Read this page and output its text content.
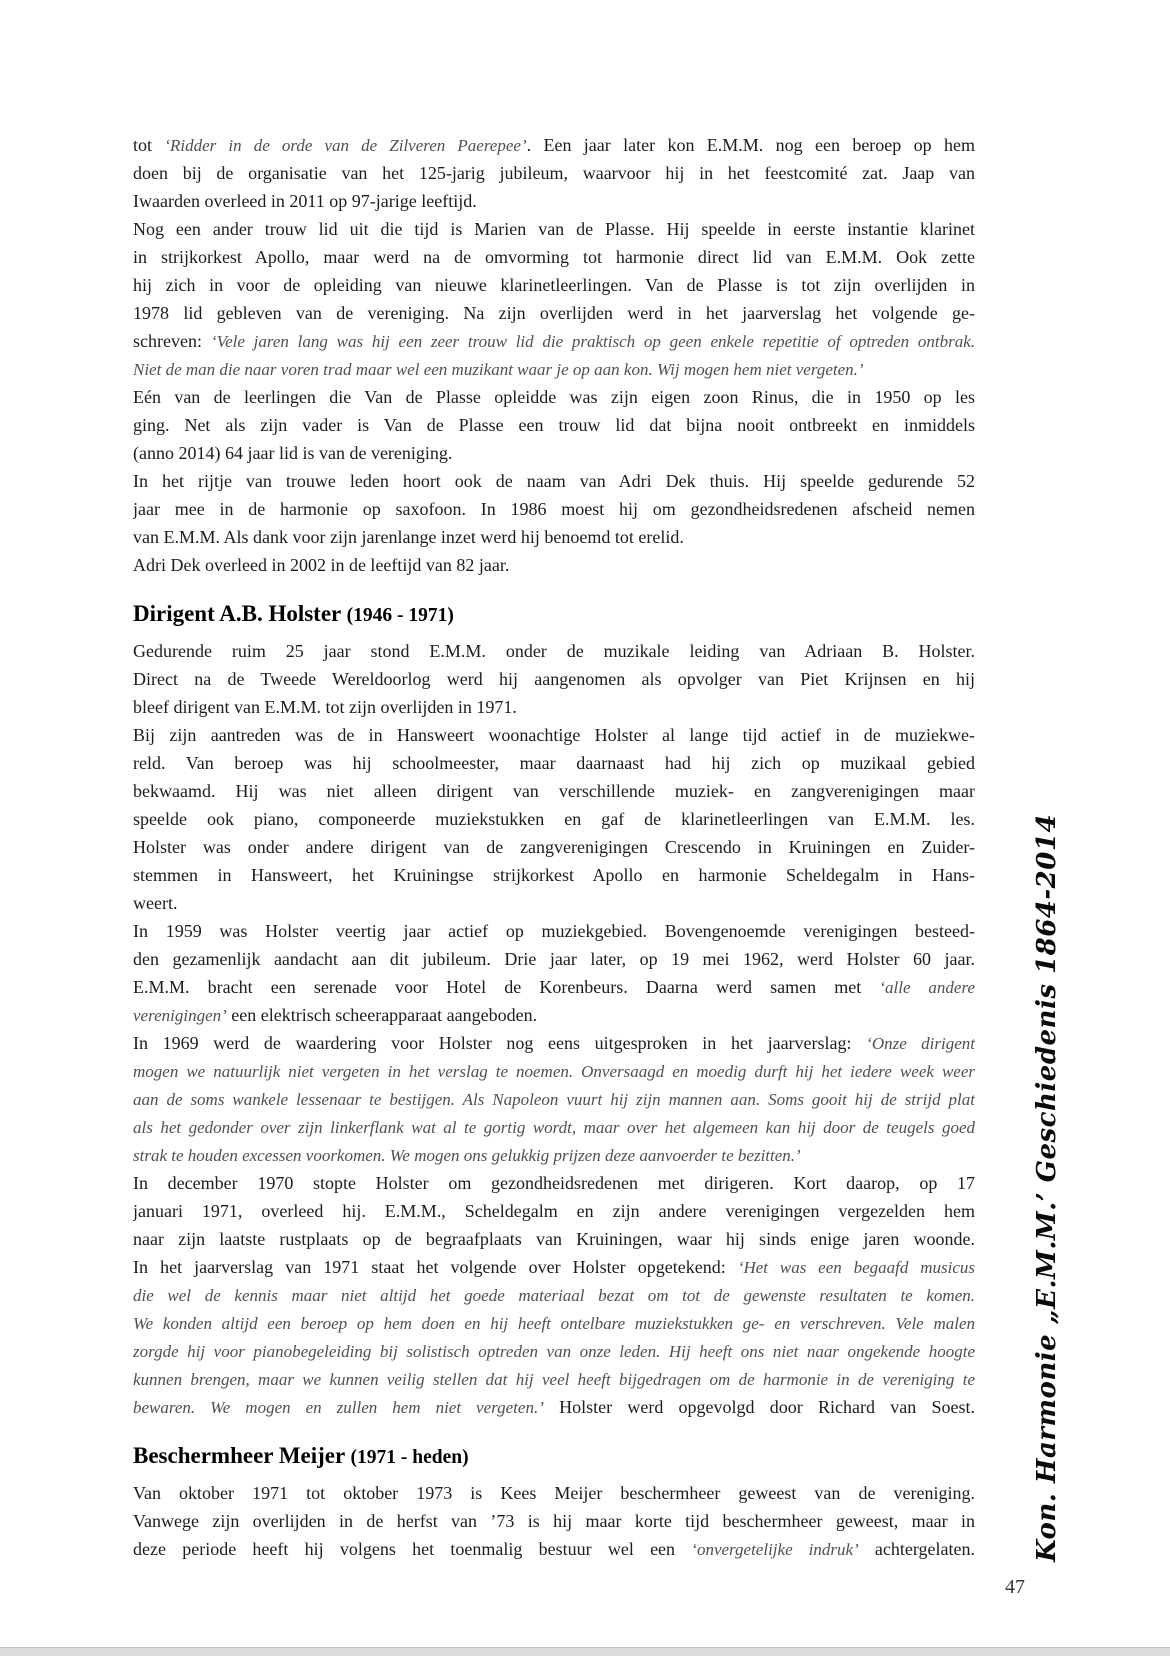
tot ‘Ridder in de orde van de Zilveren Paerepee’. Een jaar later kon E.M.M. nog een beroep op hem
doen bij de organisatie van het 125-jarig jubileum, waarvoor hij in het feestcomité zat. Jaap van
Iwaarden overleed in 2011 op 97-jarige leeftijd.
Nog een ander trouw lid uit die tijd is Marien van de Plasse. Hij speelde in eerste instantie klarinet
in strijkorkest Apollo, maar werd na de omvorming tot harmonie direct lid van E.M.M. Ook zette
hij zich in voor de opleiding van nieuwe klarinetleerlingen. Van de Plasse is tot zijn overlijden in
1978 lid gebleven van de vereniging. Na zijn overlijden werd in het jaarverslag het volgende ge-
schreven: ‘Vele jaren lang was hij een zeer trouw lid die praktisch op geen enkele repetitie of optreden ontbrak.
Niet de man die naar voren trad maar wel een muzikant waar je op aan kon. Wij mogen hem niet vergeten.’
Eén van de leerlingen die Van de Plasse opleidde was zijn eigen zoon Rinus, die in 1950 op les
ging. Net als zijn vader is Van de Plasse een trouw lid dat bijna nooit ontbreekt en inmiddels
(anno 2014) 64 jaar lid is van de vereniging.
In het rijtje van trouwe leden hoort ook de naam van Adri Dek thuis. Hij speelde gedurende 52
jaar mee in de harmonie op saxofoon. In 1986 moest hij om gezondheidsredenen afscheid nemen
van E.M.M. Als dank voor zijn jarenlange inzet werd hij benoemd tot erelid.
Adri Dek overleed in 2002 in de leeftijd van 82 jaar.
Dirigent A.B. Holster (1946 - 1971)
Gedurende ruim 25 jaar stond E.M.M. onder de muzikale leiding van Adriaan B. Holster.
Direct na de Tweede Wereldoorlog werd hij aangenomen als opvolger van Piet Krijnsen en hij
bleef dirigent van E.M.M. tot zijn overlijden in 1971.
Bij zijn aantreden was de in Hansweert woonachtige Holster al lange tijd actief in de muziekwe-
reld. Van beroep was hij schoolmeester, maar daarnaast had hij zich op muzikaal gebied
bekwaamd. Hij was niet alleen dirigent van verschillende muziek- en zangverenigingen maar
speelde ook piano, componeerde muziekstukken en gaf de klarinetleerlingen van E.M.M. les.
Holster was onder andere dirigent van de zangverenigingen Crescendo in Kruiningen en Zuider-
stemmen in Hansweert, het Kruiningse strijkorkest Apollo en harmonie Scheldegalm in Hans-
weert.
In 1959 was Holster veertig jaar actief op muziekgebied. Bovengenoemde verenigingen besteed-
den gezamenlijk aandacht aan dit jubileum. Drie jaar later, op 19 mei 1962, werd Holster 60 jaar.
E.M.M. bracht een serenade voor Hotel de Korenbeurs. Daarna werd samen met ‘alle andere
verenigingen’ een elektrisch scheerapparaat aangeboden.
In 1969 werd de waardering voor Holster nog eens uitgesproken in het jaarverslag: ‘Onze dirigent
mogen we natuurlijk niet vergeten in het verslag te noemen. Onversaagd en moedig durft hij het iedere week weer
aan de soms wankele lessenaar te bestijgen. Als Napoleon vuurt hij zijn mannen aan. Soms gooit hij de strijd plat
als het gedonder over zijn linkerflank wat al te gortig wordt, maar over het algemeen kan hij door de teugels goed
strak te houden excessen voorkomen. We mogen ons gelukkig prijzen deze aanvoerder te bezitten.’
In december 1970 stopte Holster om gezondheidsredenen met dirigeren. Kort daarop, op 17
januari 1971, overleed hij. E.M.M., Scheldegalm en zijn andere verenigingen vergezelden hem
naar zijn laatste rustplaats op de begraafplaats van Kruiningen, waar hij sinds enige jaren woonde.
In het jaarverslag van 1971 staat het volgende over Holster opgetekend: ‘Het was een begaafd musicus
die wel de kennis maar niet altijd het goede materiaal bezat om tot de gewenste resultaten te komen.
We konden altijd een beroep op hem doen en hij heeft ontelbare muziekstukken ge- en verschreven. Vele malen
zorgde hij voor pianobegeleiding bij solistisch optreden van onze leden. Hij heeft ons niet naar ongekende hoogte
kunnen brengen, maar we kunnen veilig stellen dat hij veel heeft bijgedragen om de harmonie in de vereniging te
bewaren. We mogen en zullen hem niet vergeten.’ Holster werd opgevolgd door Richard van Soest.
Beschermheer Meijer (1971 - heden)
Van oktober 1971 tot oktober 1973 is Kees Meijer beschermheer geweest van de vereniging.
Vanwege zijn overlijden in de herfst van ’73 is hij maar korte tijd beschermheer geweest, maar in
deze periode heeft hij volgens het toenmalig bestuur wel een ‘onvergetelijke indruk’ achtergelaten. Kon. Harmonie „E.M.M.’ Geschiedenis 1864-2014
47
